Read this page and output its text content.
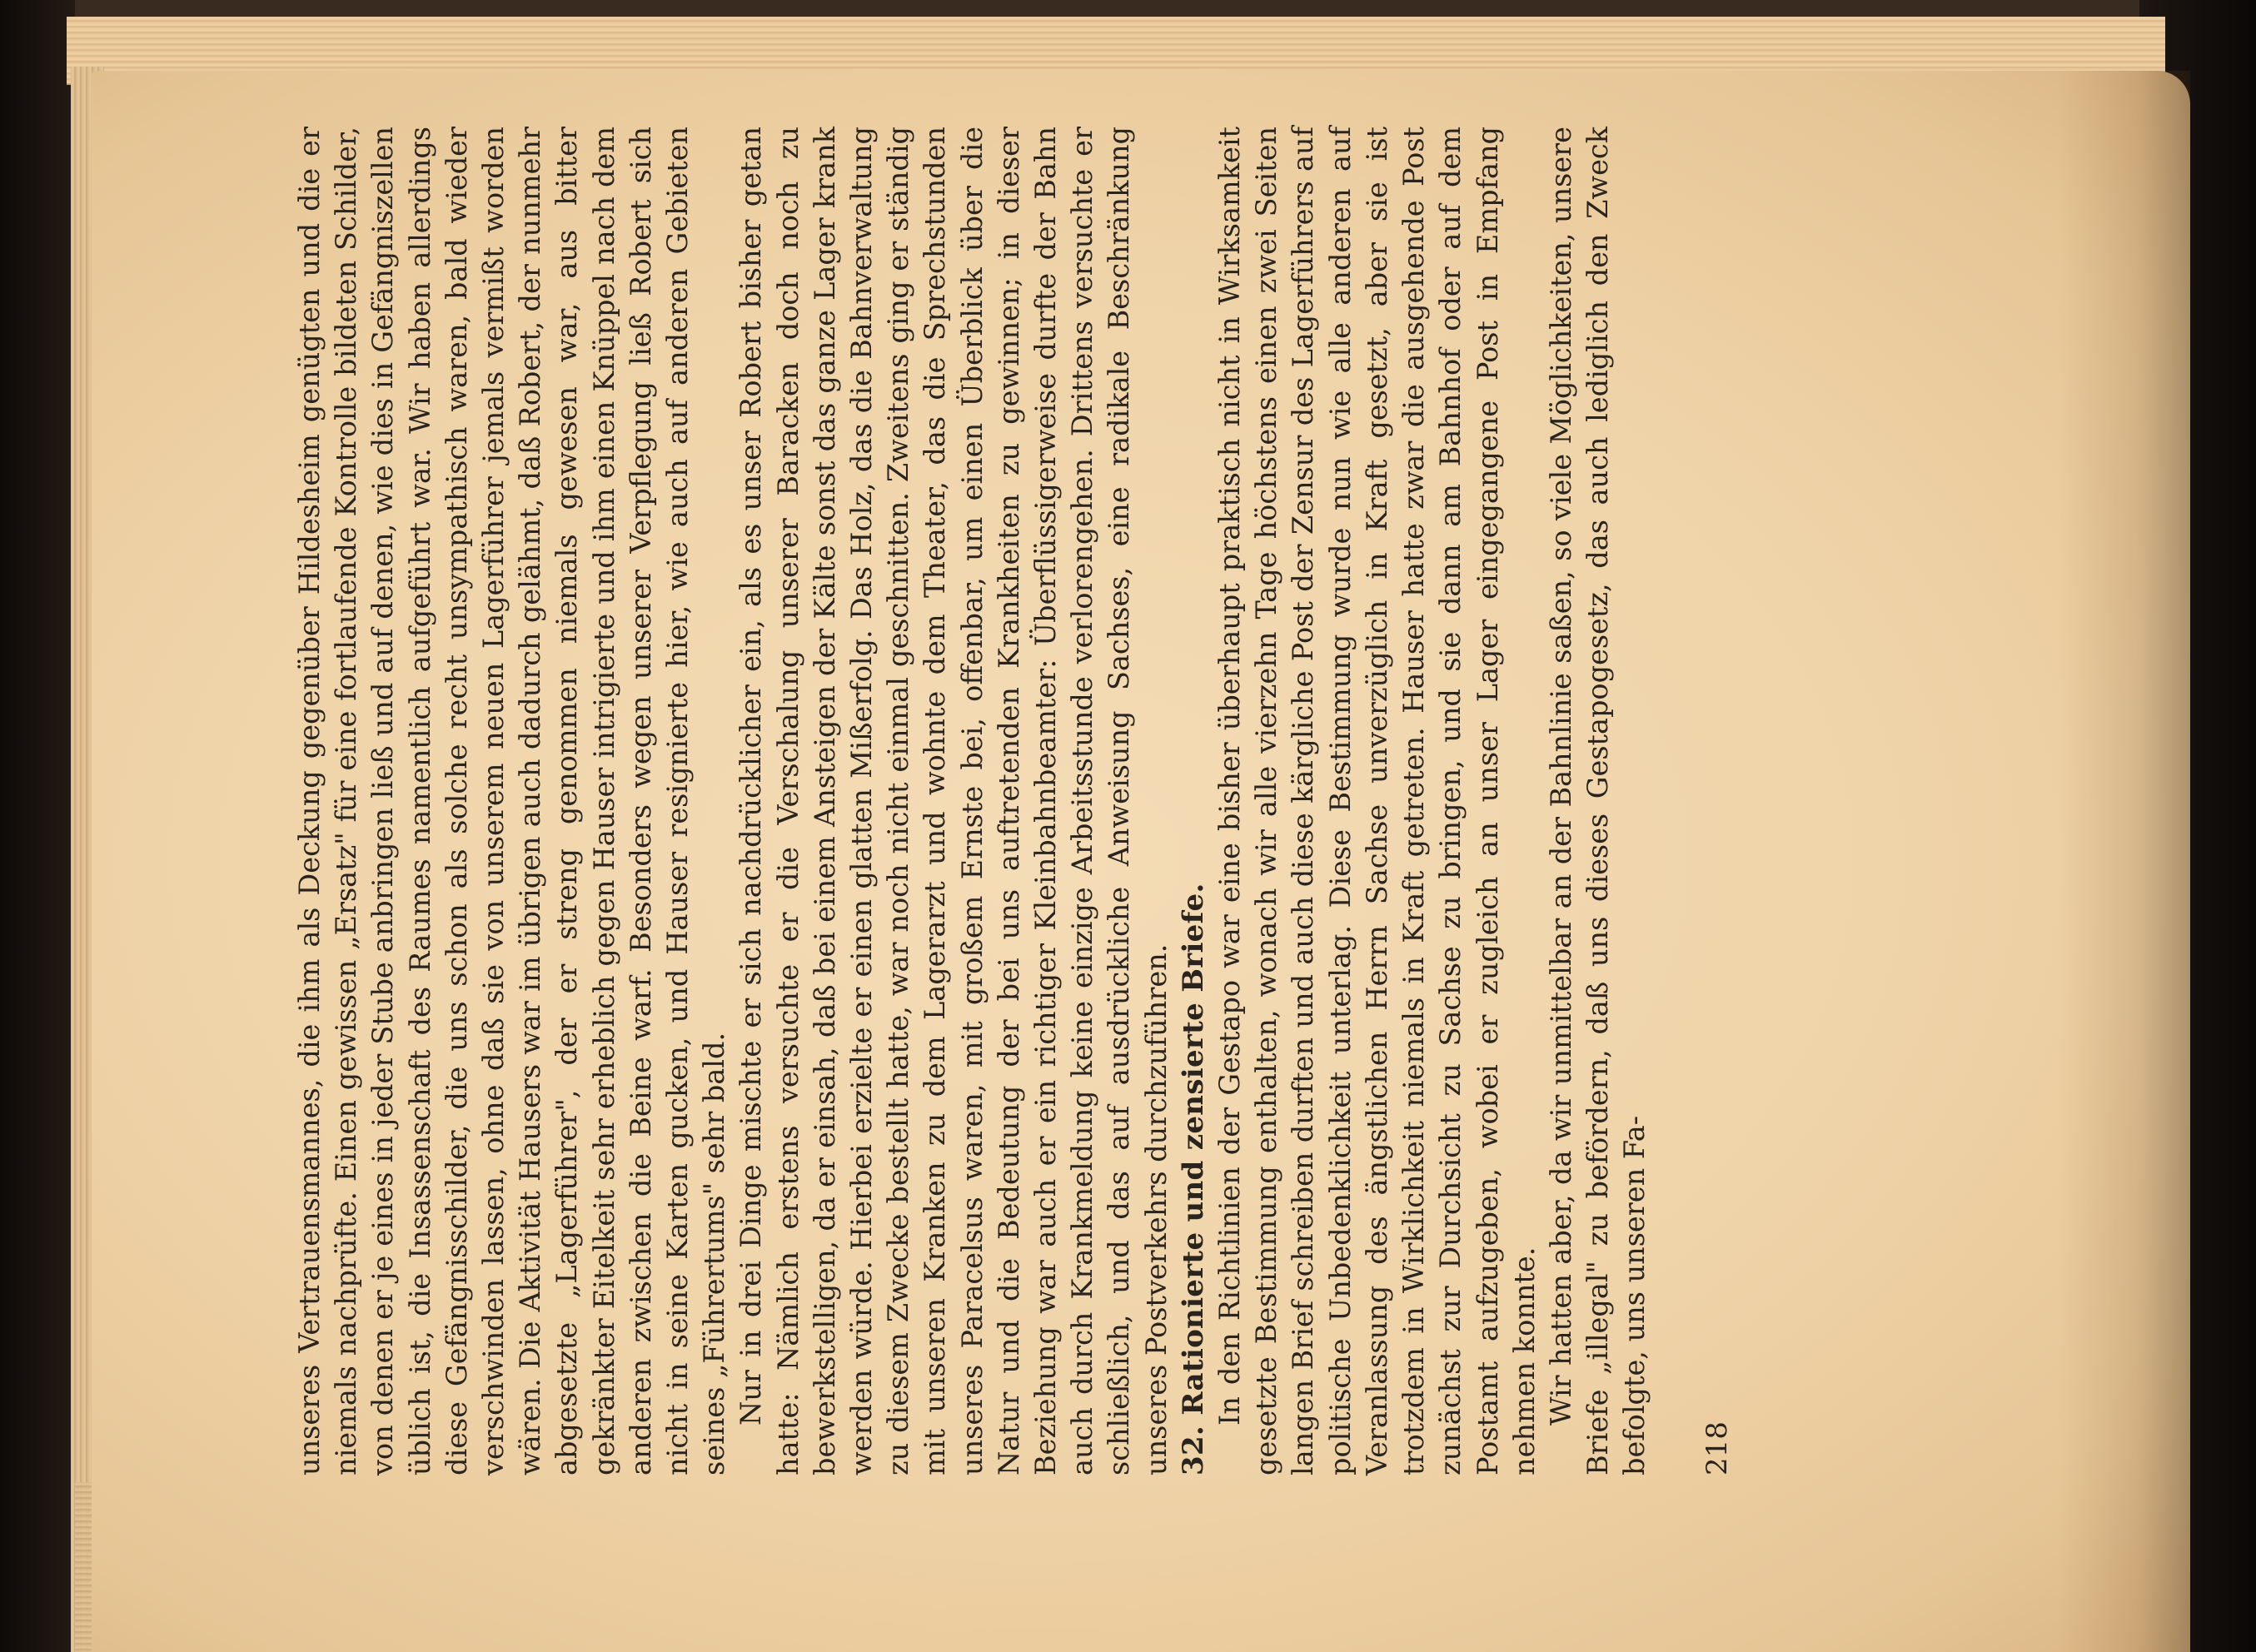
unseres Vertrauensmannes, die ihm als Deckung gegenüber Hildesheim genügten und die er niemals nachprüfte. Einen gewissen „Ersatz" für eine fortlaufende Kontrolle bildeten Schilder, von denen er je eines in jeder Stube anbringen ließ und auf denen, wie dies in Gefängniszellen üblich ist, die Insassenschaft des Raumes namentlich aufgeführt war. Wir haben allerdings diese Gefängnisschilder, die uns schon als solche recht unsympathisch waren, bald wieder verschwinden lassen, ohne daß sie von unserem neuen Lagerführer jemals vermißt worden wären. Die Aktivität Hausers war im übrigen auch dadurch gelähmt, daß Robert, der nunmehr abgesetzte „Lagerführer", der er streng genommen niemals gewesen war, aus bitter gekränkter Eitelkeit sehr erheblich gegen Hauser intrigierte und ihm einen Knüppel nach dem anderen zwischen die Beine warf. Besonders wegen unserer Verpflegung ließ Robert sich nicht in seine Karten gucken, und Hauser resignierte hier, wie auch auf anderen Gebieten seines „Führertums" sehr bald. Nur in drei Dinge mischte er sich nachdrücklicher ein, als es unser Robert bisher getan hatte: Nämlich erstens versuchte er die Verschalung unserer Baracken doch noch zu bewerkstelligen, da er einsah, daß bei einem Ansteigen der Kälte sonst das ganze Lager krank werden würde. Hierbei erzielte er einen glatten Mißerfolg. Das Holz, das die Bahnverwaltung zu diesem Zwecke bestellt hatte, war noch nicht einmal geschnitten. Zweitens ging er ständig mit unseren Kranken zu dem Lagerarzt und wohnte dem Theater, das die Sprechstunden unseres Paracelsus waren, mit großem Ernste bei, offenbar, um einen Überblick über die Natur und die Bedeutung der bei uns auftretenden Krankheiten zu gewinnen; in dieser Beziehung war auch er ein richtiger Kleinbahnbeamter: Überflüssigerweise durfte der Bahn auch durch Krankmeldung keine einzige Arbeitsstunde verlorengehen. Drittens versuchte er schließlich, und das auf ausdrückliche Anweisung Sachses, eine radikale Beschränkung unseres Postverkehrs durchzuführen. 32. Rationierte und zensierte Briefe. In den Richtlinien der Gestapo war eine bisher überhaupt praktisch nicht in Wirksamkeit gesetzte Bestimmung enthalten, wonach wir alle vierzehn Tage höchstens einen zwei Seiten langen Brief schreiben durften und auch diese kärgliche Post der Zensur des Lagerführers auf politische Unbedenklichkeit unterlag. Diese Bestimmung wurde nun wie alle anderen auf Veranlassung des ängstlichen Herrn Sachse unverzüglich in Kraft gesetzt, aber sie ist trotzdem in Wirklichkeit niemals in Kraft getreten. Hauser hatte zwar die ausgehende Post zunächst zur Durchsicht zu Sachse zu bringen, und sie dann am Bahnhof oder auf dem Postamt aufzugeben, wobei er zugleich an unser Lager eingegangene Post in Empfang nehmen konnte. Wir hatten aber, da wir unmittelbar an der Bahnlinie saßen, so viele Möglichkeiten, unsere Briefe „illegal" zu befördern, daß uns dieses Gestapogesetz, das auch lediglich den Zweck befolgte, uns unseren Fa- 218
